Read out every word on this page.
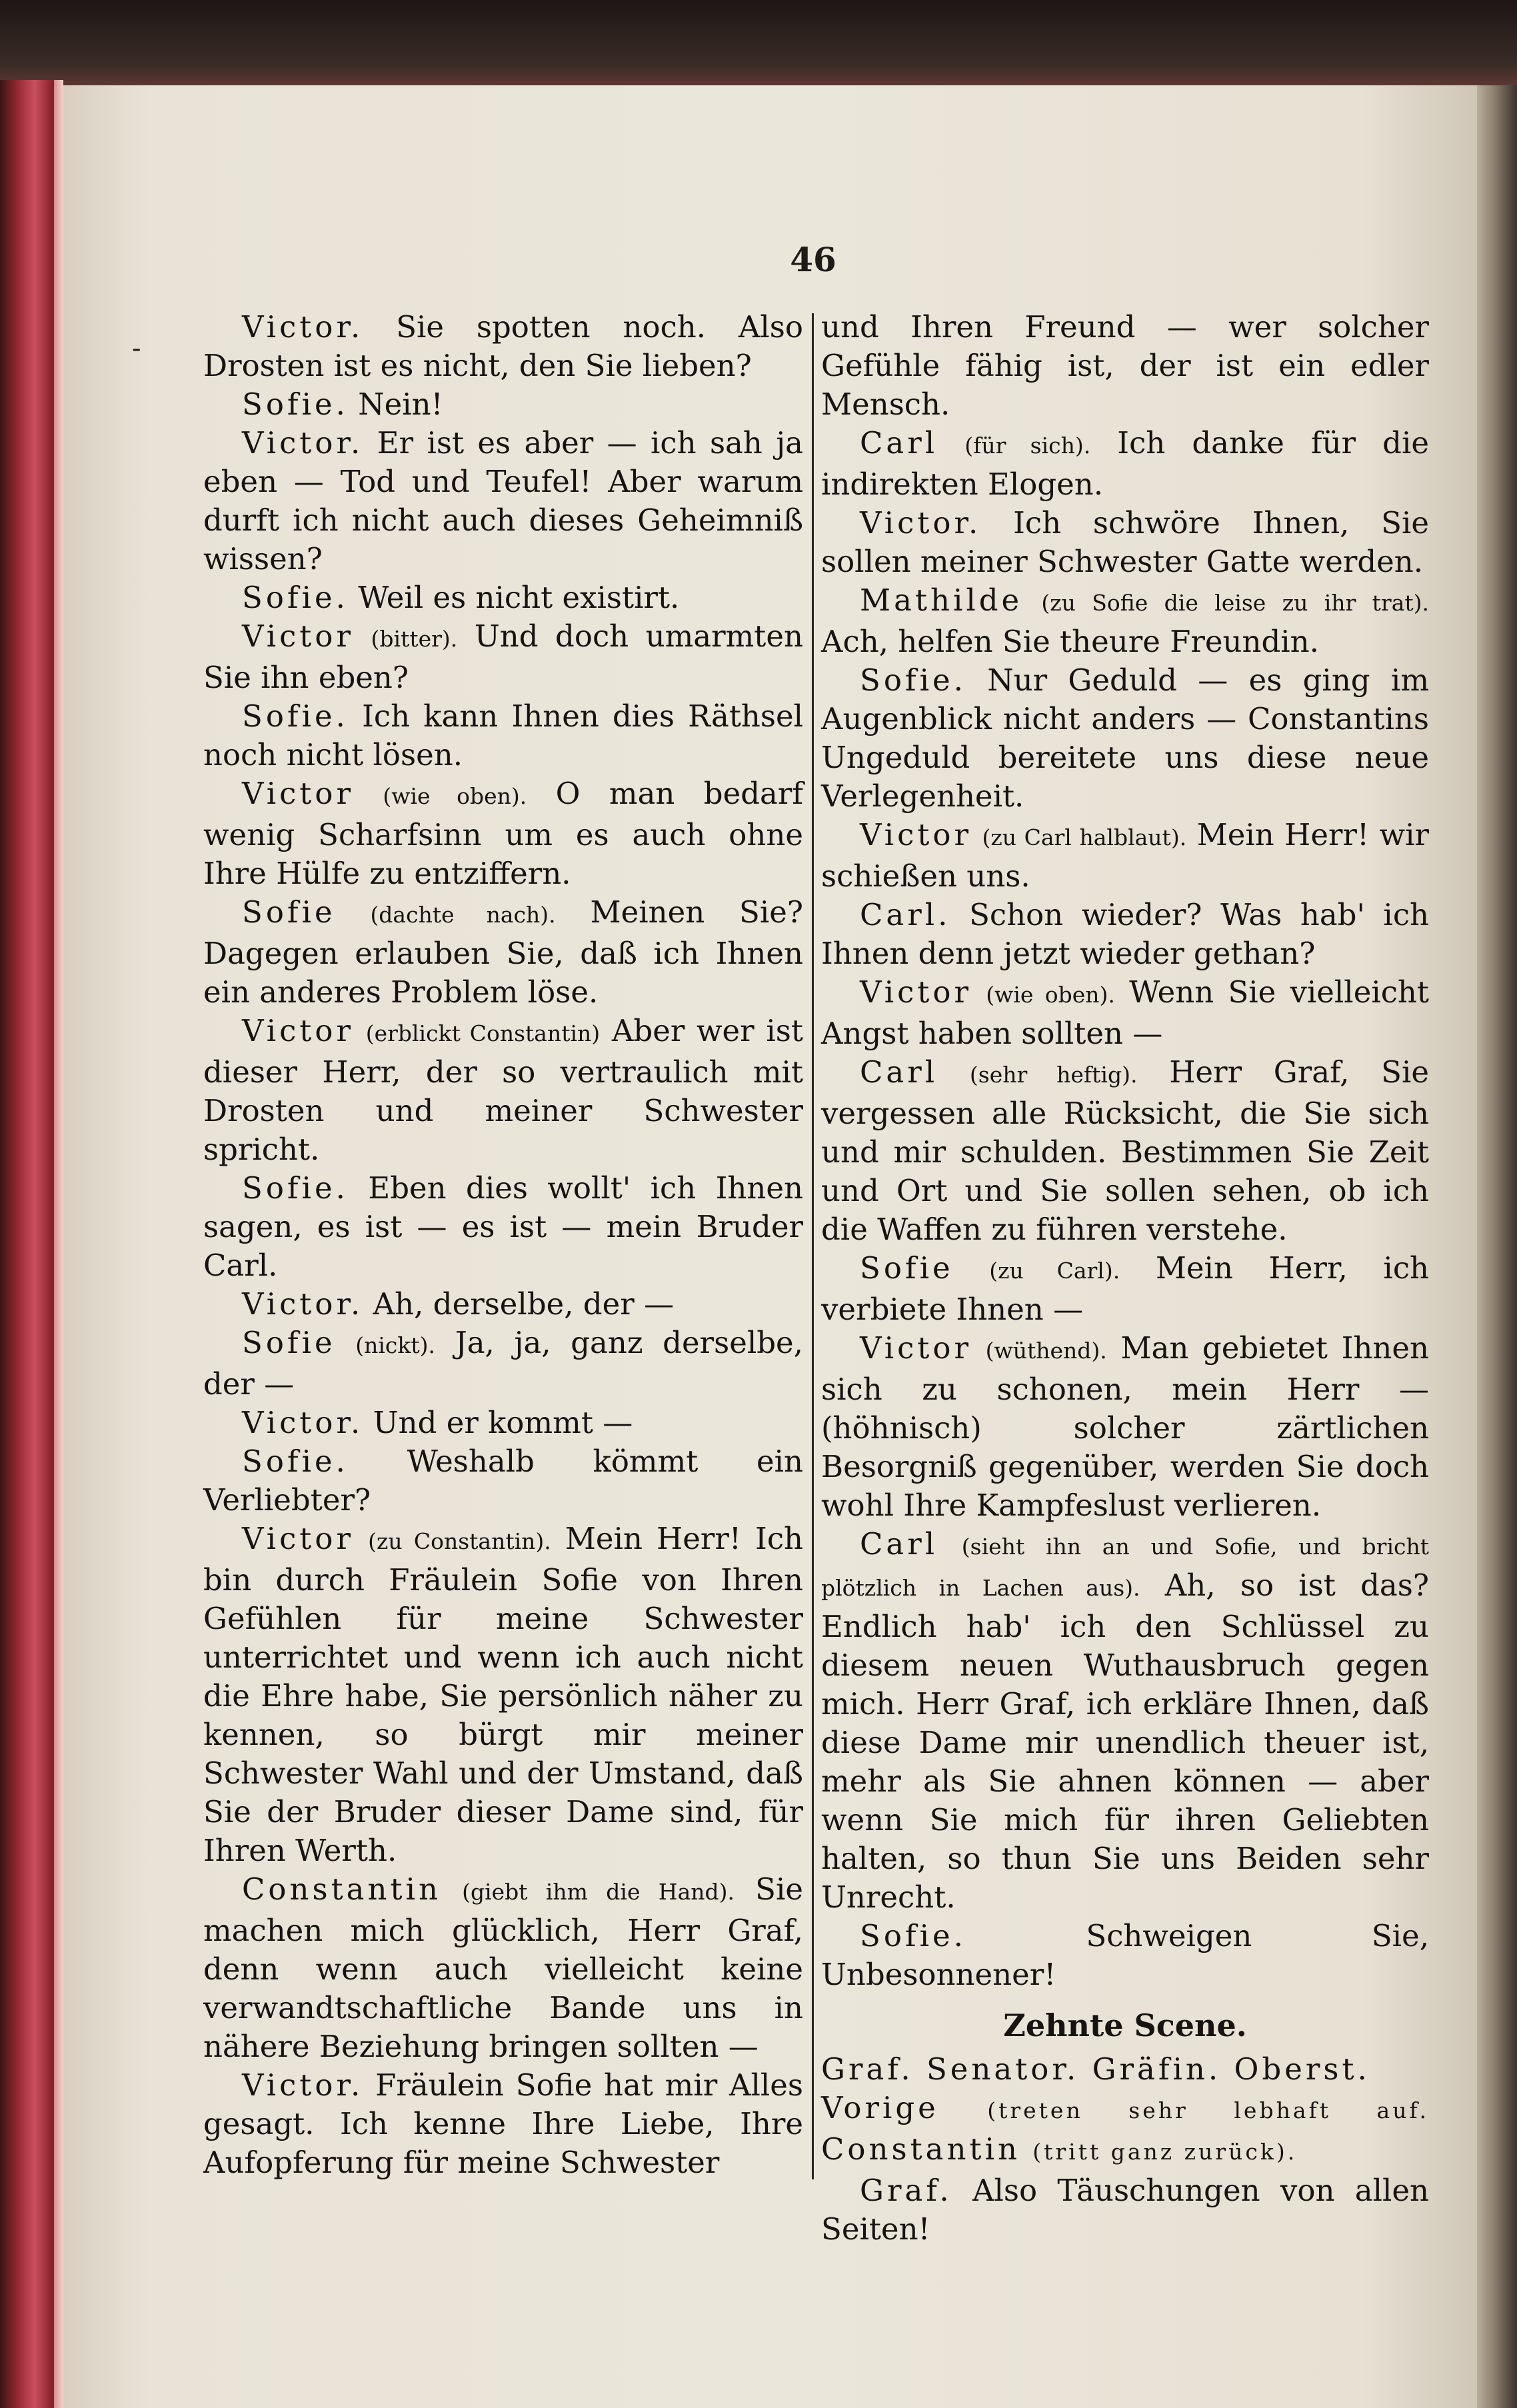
46
-

Victor. Sie spotten noch. Also Drosten ist es nicht, den Sie lieben?

Sofie. Nein!

Victor. Er ist es aber — ich sah ja eben — Tod und Teufel! Aber warum durft ich nicht auch dieses Geheimniß wissen?

Sofie. Weil es nicht existirt.

Victor (bitter). Und doch umarmten Sie ihn eben?

Sofie. Ich kann Ihnen dies Räthsel noch nicht lösen.

Victor (wie oben). O man bedarf wenig Scharfsinn um es auch ohne Ihre Hülfe zu entziffern.

Sofie (dachte nach). Meinen Sie? Dagegen erlauben Sie, daß ich Ihnen ein anderes Problem löse.

Victor (erblickt Constantin) Aber wer ist dieser Herr, der so vertraulich mit Drosten und meiner Schwester spricht.

Sofie. Eben dies wollt' ich Ihnen sagen, es ist — es ist — mein Bruder Carl.

Victor. Ah, derselbe, der —

Sofie (nickt). Ja, ja, ganz derselbe, der —

Victor. Und er kommt —

Sofie. Weshalb kömmt ein Verliebter?

Victor (zu Constantin). Mein Herr! Ich bin durch Fräulein Sofie von Ihren Gefühlen für meine Schwester unterrichtet und wenn ich auch nicht die Ehre habe, Sie persönlich näher zu kennen, so bürgt mir meiner Schwester Wahl und der Umstand, daß Sie der Bruder dieser Dame sind, für Ihren Werth.

Constantin (giebt ihm die Hand). Sie machen mich glücklich, Herr Graf, denn wenn auch vielleicht keine verwandtschaftliche Bande uns in nähere Beziehung bringen sollten —

Victor. Fräulein Sofie hat mir Alles gesagt. Ich kenne Ihre Liebe, Ihre Aufopferung für meine Schwester

und Ihren Freund — wer solcher Gefühle fähig ist, der ist ein edler Mensch.

Carl (für sich). Ich danke für die indirekten Elogen.

Victor. Ich schwöre Ihnen, Sie sollen meiner Schwester Gatte werden.

Mathilde (zu Sofie die leise zu ihr trat). Ach, helfen Sie theure Freundin.

Sofie. Nur Geduld — es ging im Augenblick nicht anders — Constantins Ungeduld bereitete uns diese neue Verlegenheit.

Victor (zu Carl halblaut). Mein Herr! wir schießen uns.

Carl. Schon wieder? Was hab' ich Ihnen denn jetzt wieder gethan?

Victor (wie oben). Wenn Sie vielleicht Angst haben sollten —

Carl (sehr heftig). Herr Graf, Sie vergessen alle Rücksicht, die Sie sich und mir schulden. Bestimmen Sie Zeit und Ort und Sie sollen sehen, ob ich die Waffen zu führen verstehe.

Sofie (zu Carl). Mein Herr, ich verbiete Ihnen —

Victor (wüthend). Man gebietet Ihnen sich zu schonen, mein Herr — (höhnisch) solcher zärtlichen Besorgniß gegenüber, werden Sie doch wohl Ihre Kampfeslust verlieren.

Carl (sieht ihn an und Sofie, und bricht plötzlich in Lachen aus). Ah, so ist das? Endlich hab' ich den Schlüssel zu diesem neuen Wuthausbruch gegen mich. Herr Graf, ich erkläre Ihnen, daß diese Dame mir unendlich theuer ist, mehr als Sie ahnen können — aber wenn Sie mich für ihren Geliebten halten, so thun Sie uns Beiden sehr Unrecht.

Sofie.	Schweigen Sie, Unbesonnener!

Zehnte Scene.

Graf. Senator. Gräfin. Oberst.

Vorige (treten sehr lebhaft auf. Constantin (tritt ganz zurück).

Graf. Also Täuschungen von allen Seiten!
